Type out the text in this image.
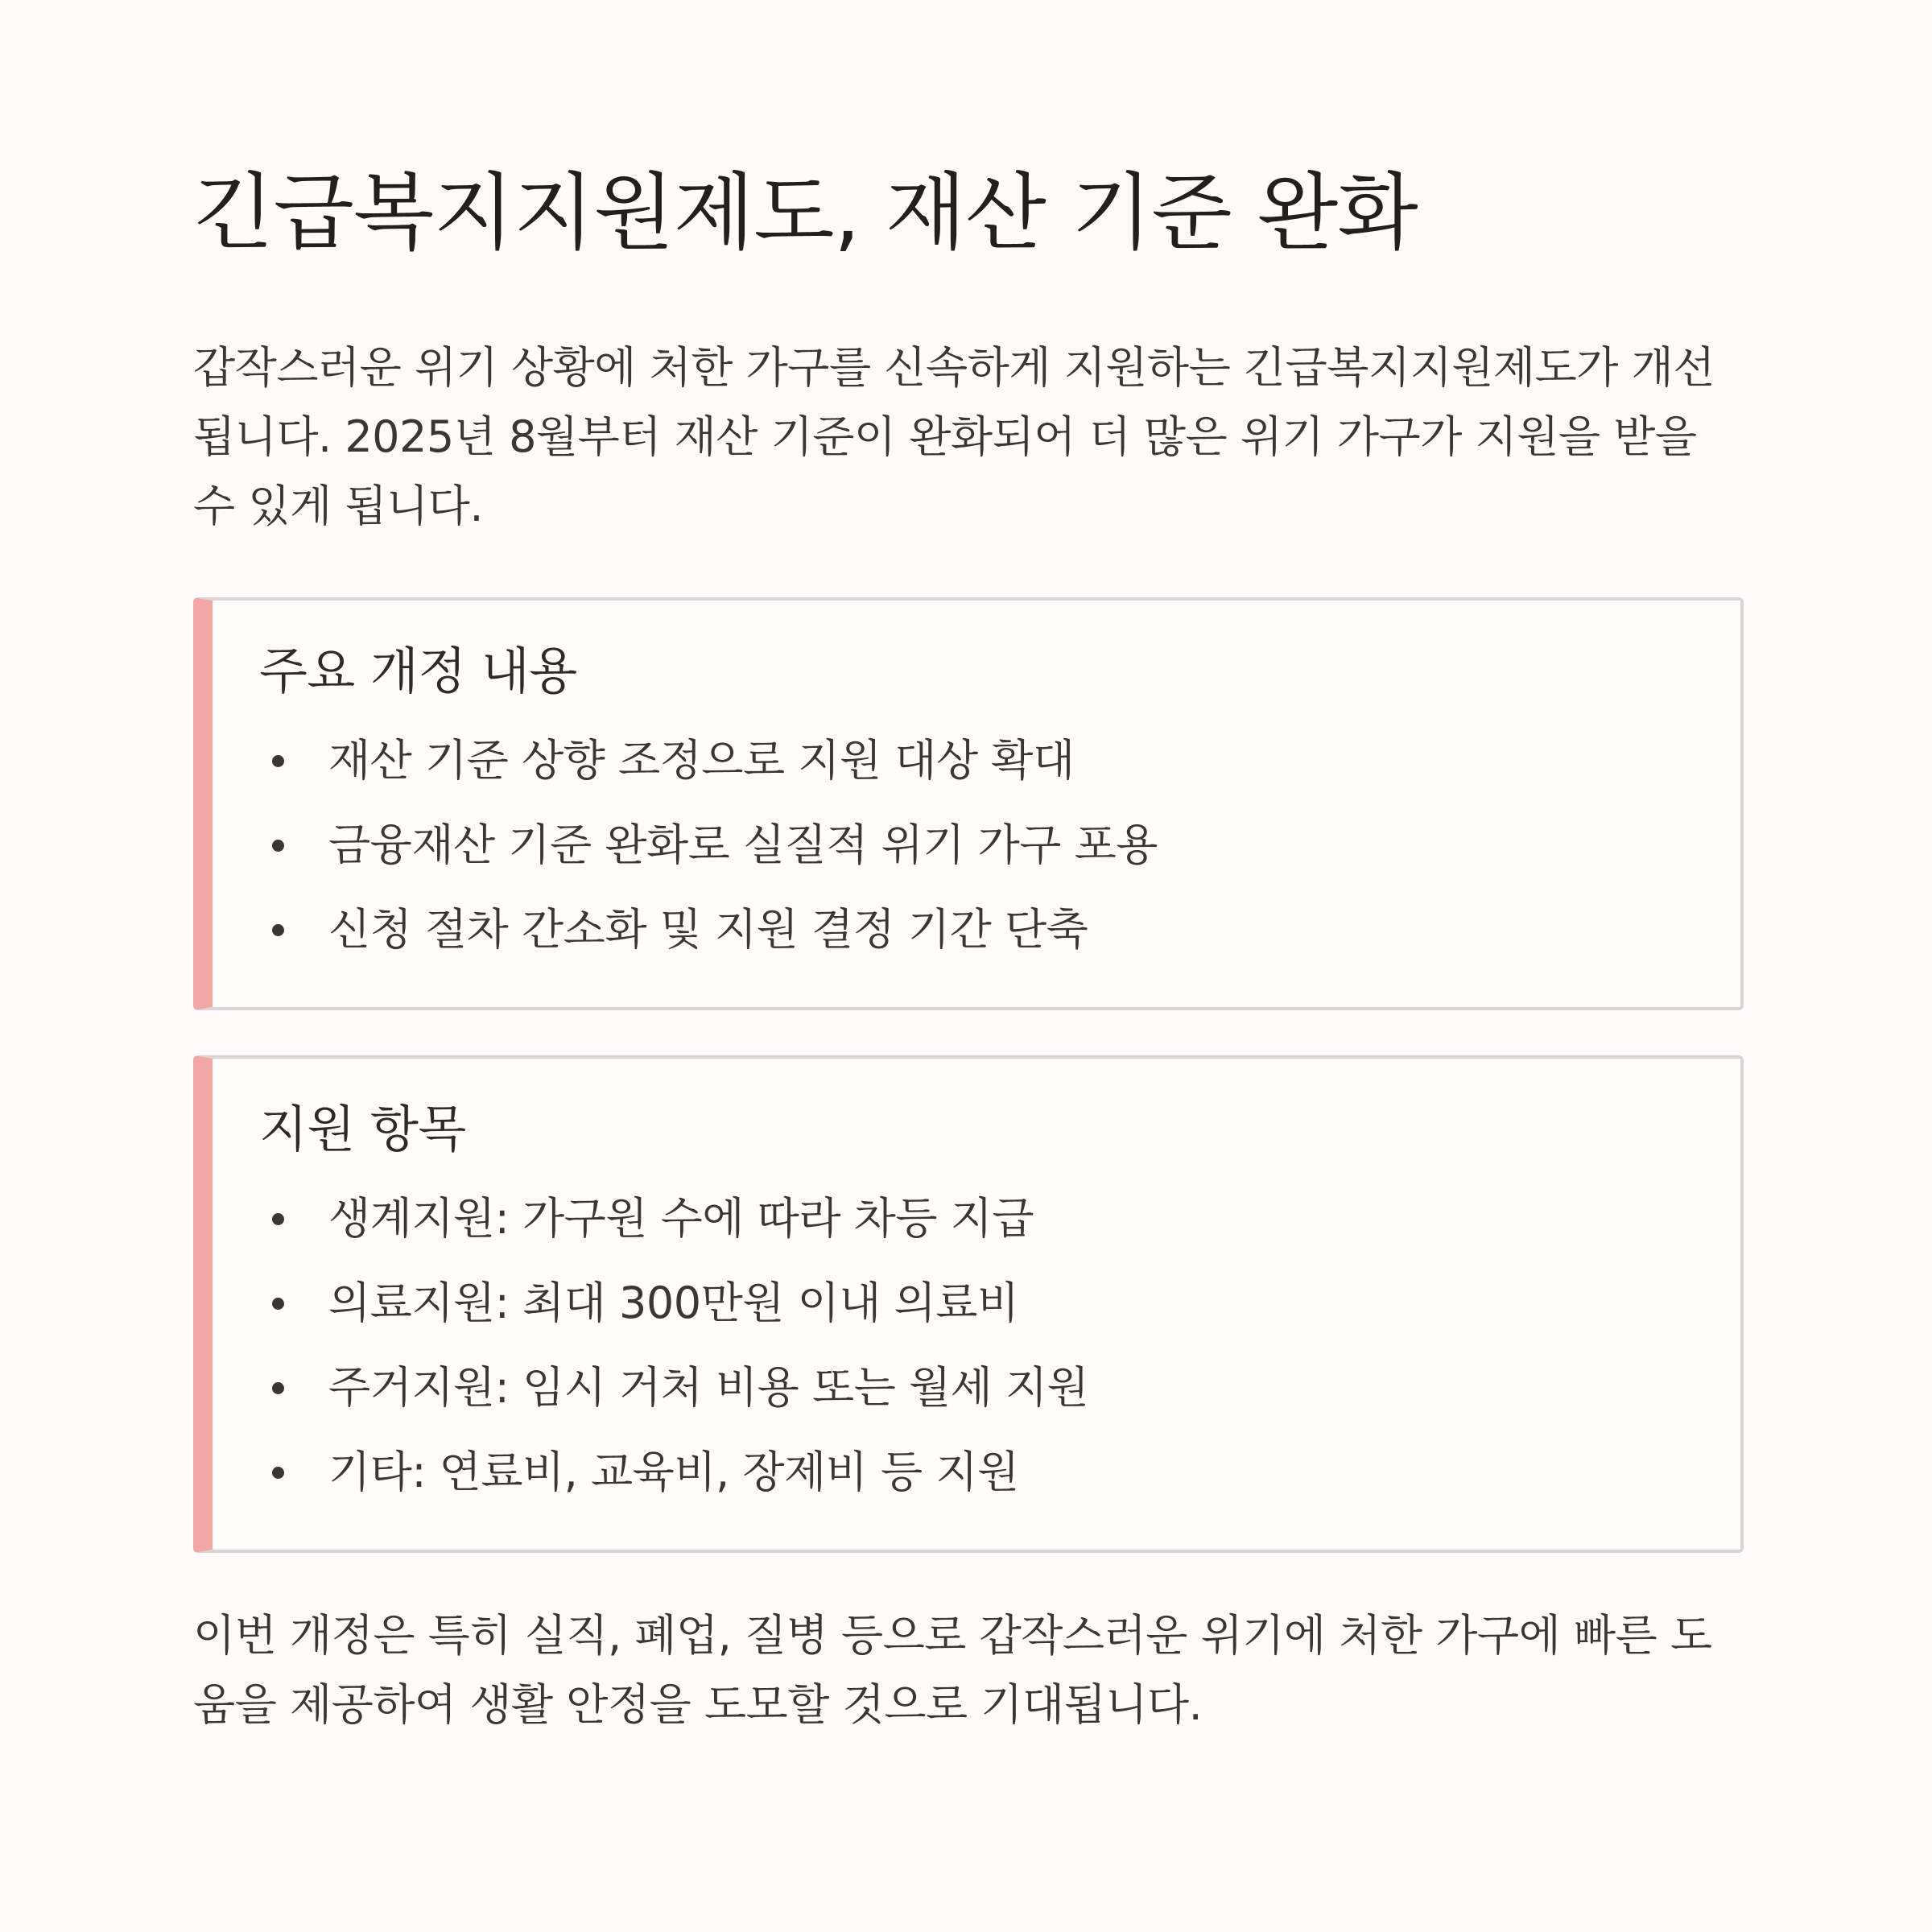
긴급복지지원제도, 재산 기준 완화

갑작스러운 위기 상황에 처한 가구를 신속하게 지원하는 긴급복지지원제도가 개선됩니다. 2025년 8월부터 재산 기준이 완화되어 더 많은 위기 가구가 지원을 받을 수 있게 됩니다.

주요 개정 내용
재산 기준 상향 조정으로 지원 대상 확대
금융재산 기준 완화로 실질적 위기 가구 포용
신청 절차 간소화 및 지원 결정 기간 단축
지원 항목
생계지원: 가구원 수에 따라 차등 지급
의료지원: 최대 300만원 이내 의료비
주거지원: 임시 거처 비용 또는 월세 지원
기타: 연료비, 교육비, 장제비 등 지원

이번 개정은 특히 실직, 폐업, 질병 등으로 갑작스러운 위기에 처한 가구에 빠른 도움을 제공하여 생활 안정을 도모할 것으로 기대됩니다.
